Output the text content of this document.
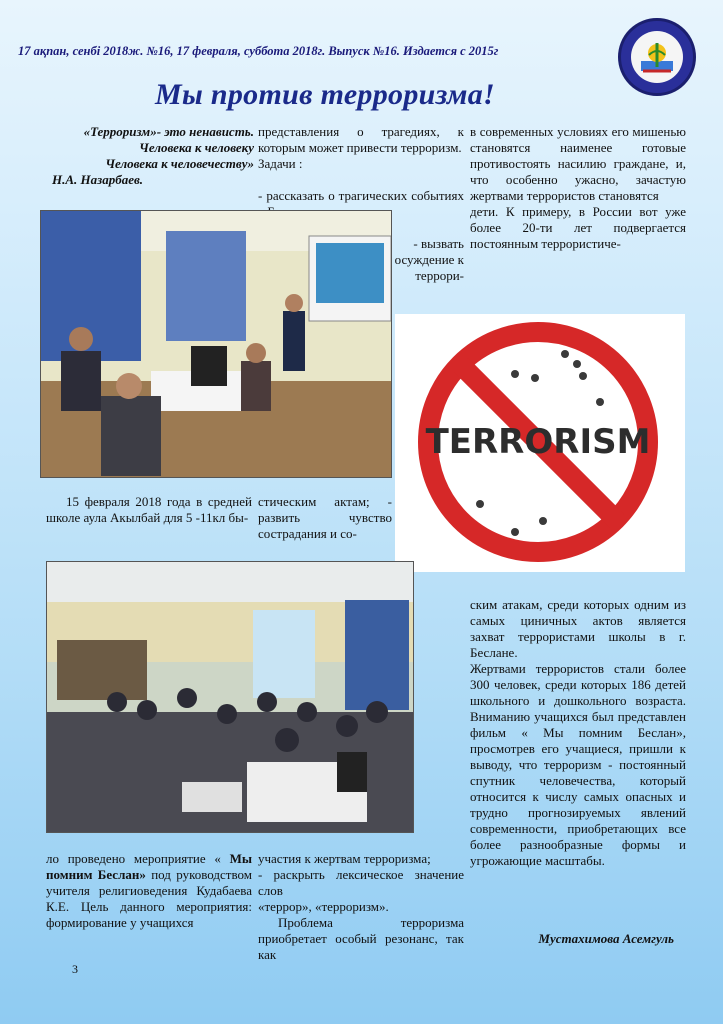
17 ақпан, сенбі 2018ж. №16, 17 февраля, суббота 2018г. Выпуск №16. Издается с 2015г
Мы против терроризма!
«Терроризм»- это ненависть.
Человека к человеку
Человека к человечеству»
Н.А. Назарбаев.

представления о трагедиях, к которым может привести терроризм.

Задачи :

- рассказать о трагических событиях
- вызвать осуждение к террори-

в современных условиях его мишенью становятся наименее готовые противостоять насилию граждане, и, что особенно ужасно, зачастую жертвами террористов становятся

дети. К примеру, в России вот уже более 20-ти лет подвергается постоянным террористиче-

TERRORISM
15 февраля 2018 года в средней школе аула Акылбай для 5 -11кл бы-
стическим актам; - развить чувство сострадания и со-

ским атакам, среди которых одним из самых циничных актов является захват террористами школы в г. Беслане.

Жертвами террористов стали более 300 человек, среди которых 186 детей школьного и дошкольного возраста. Вниманию учащихся был представлен фильм « Мы помним Беслан», просмотрев его учащиеся, пришли к выводу, что терроризм - постоянный спутник человечества, который относится к числу самых опасных и трудно прогнозируемых явлений современности, приобретающих все более разнообразные формы и угрожающие масштабы.

Мустахимова Асемгуль
ло проведено мероприятие « Мы помним Беслан» под руководством учителя религиоведения Кудабаева К.Е. Цель данного мероприятия: формирование у учащихся

участия к жертвам терроризма;

- раскрыть лексическое значение слов

«террор», «терроризм».

Проблема терроризма приобретает особый резонанс, так как

3
